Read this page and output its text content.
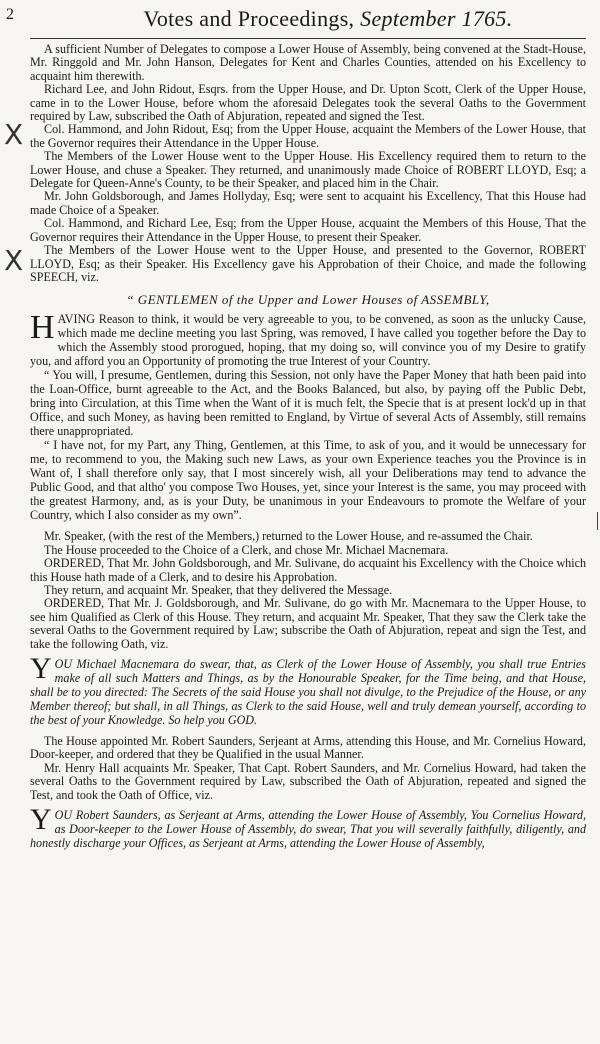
X
X
2	Votes and Proceedings, September 1765.

A sufficient Number of Delegates to compose a Lower House of Assembly, being convened at the Stadt-House, Mr. Ringgold and Mr. John Hanson, Delegates for Kent and Charles Counties, attended on his Excellency to acquaint him therewith.

Richard Lee, and John Ridout, Esqrs. from the Upper House, and Dr. Upton Scott, Clerk of the Upper House, came in to the Lower House, before whom the aforesaid Delegates took the several Oaths to the Government required by Law, subscribed the Oath of Abjuration, repeated and signed the Test.

Col. Hammond, and John Ridout, Esq; from the Upper House, acquaint the Members of the Lower House, that the Governor requires their Attendance in the Upper House.

The Members of the Lower House went to the Upper House. His Excellency required them to return to the Lower House, and chuse a Speaker. They returned, and unanimously made Choice of ROBERT LLOYD, Esq; a Delegate for Queen-Anne's County, to be their Speaker, and placed him in the Chair.

Mr. John Goldsborough, and James Hollyday, Esq; were sent to acquaint his Excellency, That this House had made Choice of a Speaker.

Col. Hammond, and Richard Lee, Esq; from the Upper House, acquaint the Members of this House, That the Governor requires their Attendance in the Upper House, to present their Speaker.

The Members of the Lower House went to the Upper House, and presented to the Governor, ROBERT LLOYD, Esq; as their Speaker. His Excellency gave his Approbation of their Choice, and made the following SPEECH, viz.

“ GENTLEMEN of the Upper and Lower Houses of ASSEMBLY,

HAVING Reason to think, it would be very agreeable to you, to be convened, as soon as the unlucky Cause, which made me decline meeting you last Spring, was removed, I have called you together before the Day to which the Assembly stood prorogued, hoping, that my doing so, will convince you of my Desire to gratify you, and afford you an Opportunity of promoting the true Interest of your Country.

“ You will, I presume, Gentlemen, during this Session, not only have the Paper Money that hath been paid into the Loan-Office, burnt agreeable to the Act, and the Books Balanced, but also, by paying off the Public Debt, bring into Circulation, at this Time when the Want of it is much felt, the Specie that is at present lock'd up in that Office, and such Money, as having been remitted to England, by Virtue of several Acts of Assembly, still remains there unappropriated.

“ I have not, for my Part, any Thing, Gentlemen, at this Time, to ask of you, and it would be unnecessary for me, to recommend to you, the Making such new Laws, as your own Experience teaches you the Province is in Want of, I shall therefore only say, that I most sincerely wish, all your Deliberations may tend to advance the Public Good, and that altho' you compose Two Houses, yet, since your Interest is the same, you may proceed with the greatest Harmony, and, as is your Duty, be unanimous in your Endeavours to promote the Welfare of your Country, which I also consider as my own”.

Mr. Speaker, (with the rest of the Members,) returned to the Lower House, and re-assumed the Chair.

The House proceeded to the Choice of a Clerk, and chose Mr. Michael Macnemara.

ORDERED, That Mr. John Goldsborough, and Mr. Sulivane, do acquaint his Excellency with the Choice which this House hath made of a Clerk, and to desire his Approbation.

They return, and acquaint Mr. Speaker, that they delivered the Message.

ORDERED, That Mr. J. Goldsborough, and Mr. Sulivane, do go with Mr. Macnemara to the Upper House, to see him Qualified as Clerk of this House. They return, and acquaint Mr. Speaker, That they saw the Clerk take the several Oaths to the Government required by Law; subscribe the Oath of Abjuration, repeat and sign the Test, and take the following Oath, viz.

YOU Michael Macnemara do swear, that, as Clerk of the Lower House of Assembly, you shall true Entries make of all such Matters and Things, as by the Honourable Speaker, for the Time being, and that House, shall be to you directed: The Secrets of the said House you shall not divulge, to the Prejudice of the House, or any Member thereof; but shall, in all Things, as Clerk to the said House, well and truly demean yourself, according to the best of your Knowledge. So help you GOD.

The House appointed Mr. Robert Saunders, Serjeant at Arms, attending this House, and Mr. Cornelius Howard, Door-keeper, and ordered that they be Qualified in the usual Manner.

Mr. Henry Hall acquaints Mr. Speaker, That Capt. Robert Saunders, and Mr. Cornelius Howard, had taken the several Oaths to the Government required by Law, subscribed the Oath of Abjuration, repeated and signed the Test, and took the Oath of Office, viz.

YOU Robert Saunders, as Serjeant at Arms, attending the Lower House of Assembly, You Cornelius Howard, as Door-keeper to the Lower House of Assembly, do swear, That you will severally faithfully, diligently, and honestly discharge your Offices, as Serjeant at Arms, attending the Lower House of Assembly,
